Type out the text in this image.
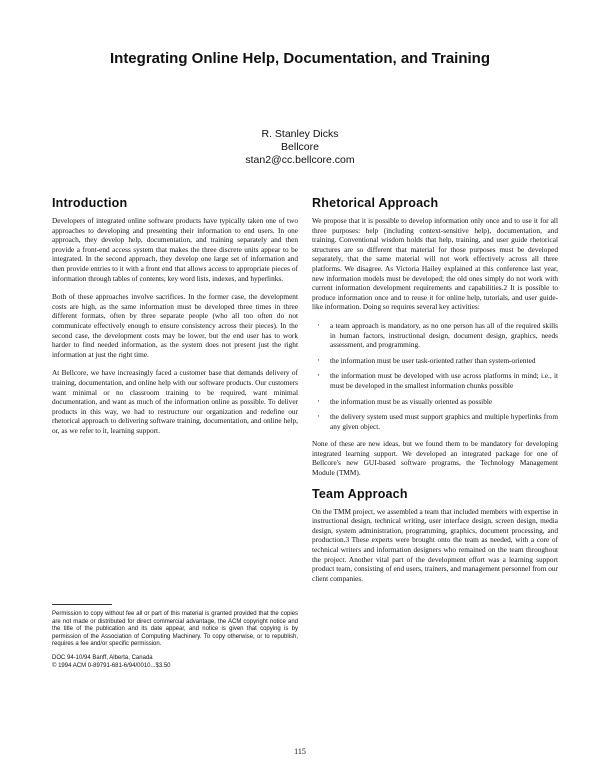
Integrating Online Help, Documentation, and Training
R. Stanley Dicks
Bellcore
stan2@cc.bellcore.com
Introduction

Developers of integrated online software products have typically taken one of two approaches to developing and presenting their information to end users. In one approach, they develop help, documentation, and training separately and then provide a front-end access system that makes the three discrete units appear to be integrated. In the second approach, they develop one large set of information and then provide entries to it with a front end that allows access to appropriate pieces of information through tables of contents, key word lists, indexes, and hyperlinks.

Both of these approaches involve sacrifices. In the former case, the development costs are high, as the same information must be developed three times in three different formats, often by three separate people (who all too often do not communicate effectively enough to ensure consistency across their pieces). In the second case, the development costs may be lower, but the end user has to work harder to find needed information, as the system does not present just the right information at just the right time.

At Bellcore, we have increasingly faced a customer base that demands delivery of training, documentation, and online help with our software products. Our customers want minimal or no classroom training to be required, want minimal documentation, and want as much of the information online as possible. To deliver products in this way, we had to restructure our organization and redefine our rhetorical approach to delivering software training, documentation, and online help, or, as we refer to it, learning support.

Rhetorical Approach

We propose that it is possible to develop information only once and to use it for all three purposes: help (including context-sensitive help), documentation, and training. Conventional wisdom holds that help, training, and user guide rhetorical structures are so different that material for those purposes must be developed separately, that the same material will not work effectively across all three platforms. We disagree. As Victoria Hailey explained at this conference last year, new information models must be developed; the old ones simply do not work with current information development requirements and capabilities.2 It is possible to produce information once and to reuse it for online help, tutorials, and user guide-like information. Doing so requires several key activities:

· a team approach is mandatory, as no one person has all of the required skills in human factors, instructional design, document design, graphics, needs assessment, and programming.
· the information must be user task-oriented rather than system-oriented
· the information must be developed with use across platforms in mind; i.e., it must be developed in the smallest information chunks possible
· the information must be as visually oriented as possible
· the delivery system used must support graphics and multiple hyperlinks from any given object.

None of these are new ideas, but we found them to be mandatory for developing integrated learning support. We developed an integrated package for one of Bellcore's new GUI-based software programs, the Technology Management Module (TMM).

Team Approach

On the TMM project, we assembled a team that included members with expertise in instructional design, technical writing, user interface design, screen design, media design, system administration, programming, graphics, document processing, and production.3 These experts were brought onto the team as needed, with a core of technical writers and information designers who remained on the team throughout the project. Another vital part of the development effort was a learning support product team, consisting of end users, trainers, and management personnel from our client companies.

Permission to copy without fee all or part of this material is granted provided that the copies are not made or distributed for direct commercial advantage, the ACM copyright notice and the title of the publication and its date appear, and notice is given that copying is by permission of the Association of Computing Machinery. To copy otherwise, or to republish, requires a fee and/or specific permission.

DOC 94-10/94 Banff, Alberta, Canada

© 1994 ACM 0-89791-681-6/94/0010...$3.50

115
